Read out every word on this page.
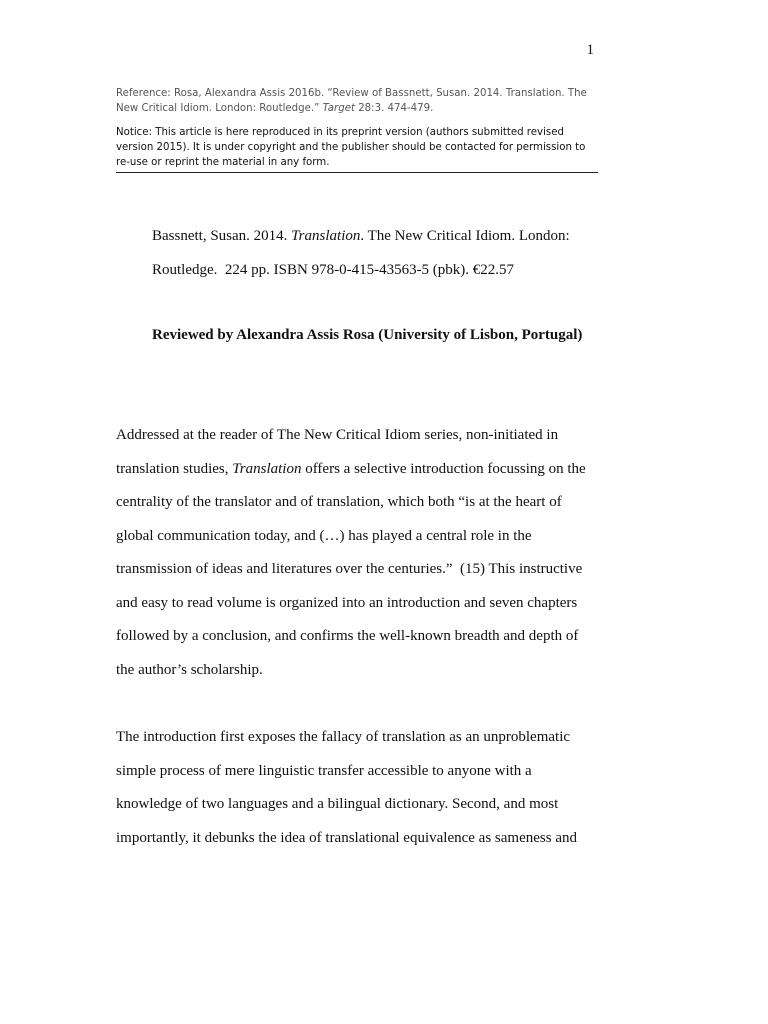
1

Reference: Rosa, Alexandra Assis 2016b. “Review of Bassnett, Susan. 2014. Translation. The New Critical Idiom. London: Routledge.” Target 28:3. 474-479.

Notice: This article is here reproduced in its preprint version (authors submitted revised version 2015). It is under copyright and the publisher should be contacted for permission to re-use or reprint the material in any form.

Bassnett, Susan. 2014. Translation. The New Critical Idiom. London:
Routledge.  224 pp. ISBN 978-0-415-43563-5 (pbk). €22.57

Reviewed by Alexandra Assis Rosa (University of Lisbon, Portugal)

Addressed at the reader of The New Critical Idiom series, non-initiated in translation studies, Translation offers a selective introduction focussing on the centrality of the translator and of translation, which both “is at the heart of global communication today, and (…) has played a central role in the transmission of ideas and literatures over the centuries.”  (15) This instructive and easy to read volume is organized into an introduction and seven chapters followed by a conclusion, and confirms the well-known breadth and depth of the author’s scholarship.

The introduction first exposes the fallacy of translation as an unproblematic simple process of mere linguistic transfer accessible to anyone with a knowledge of two languages and a bilingual dictionary. Second, and most importantly, it debunks the idea of translational equivalence as sameness and
